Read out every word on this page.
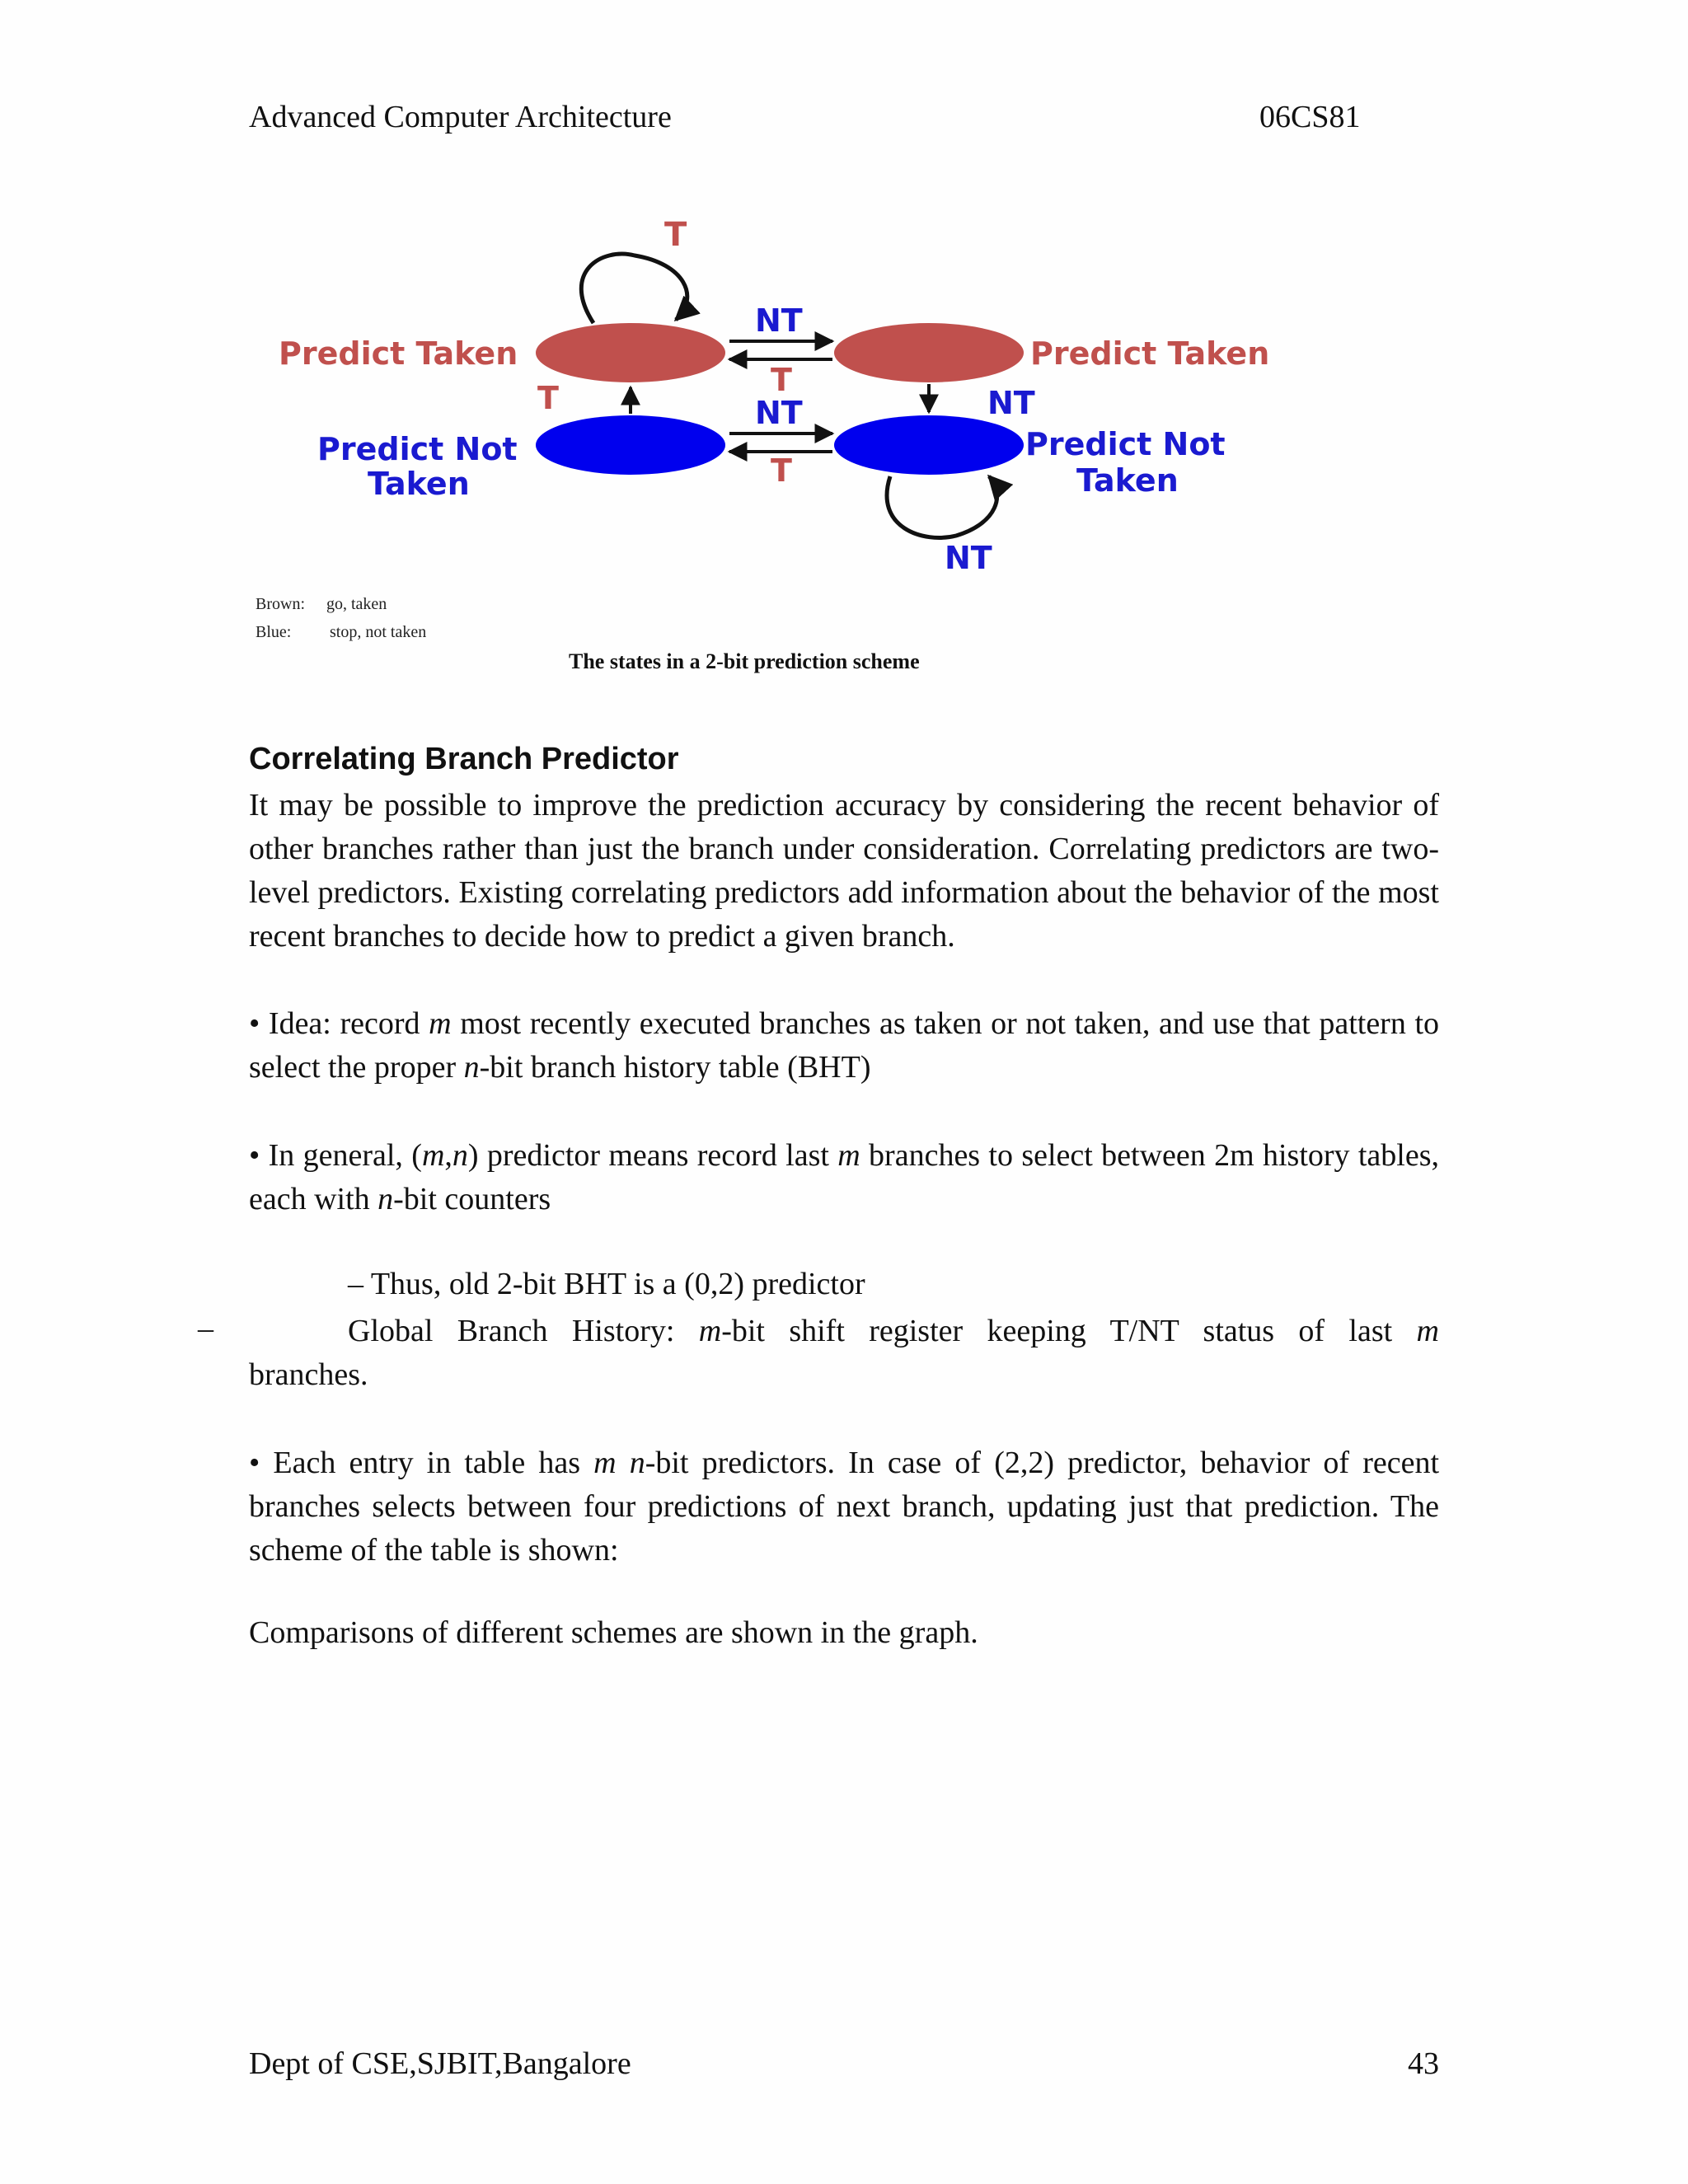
Advanced Computer Architecture	06CS81
T
NT
T
NT
T
T	NT
NT
Predict Taken	Predict Taken
Predict Not
Taken
Predict Not
Taken
Brown: go, taken
Blue: stop, not taken
The states in a 2-bit prediction scheme
Correlating Branch Predictor

It may be possible to improve the prediction accuracy by considering the recent behavior of other branches rather than just the branch under consideration. Correlating predictors are two-level predictors. Existing correlating predictors add information about the behavior of the most recent branches to decide how to predict a given branch.

• Idea: record m most recently executed branches as taken or not taken, and use that pattern to select the proper n-bit branch history table (BHT)

• In general, (m,n) predictor means record last m branches to select between 2m history tables, each with n-bit counters

– Thus, old 2-bit BHT is a (0,2) predictor
–	Global Branch History: m-bit shift register keeping T/NT status of last m

branches.

• Each entry in table has m n-bit predictors. In case of (2,2) predictor, behavior of recent branches selects between four predictions of next branch, updating just that prediction. The scheme of the table is shown:

Comparisons of different schemes are shown in the graph.
Dept of CSE,SJBIT,Bangalore	43
